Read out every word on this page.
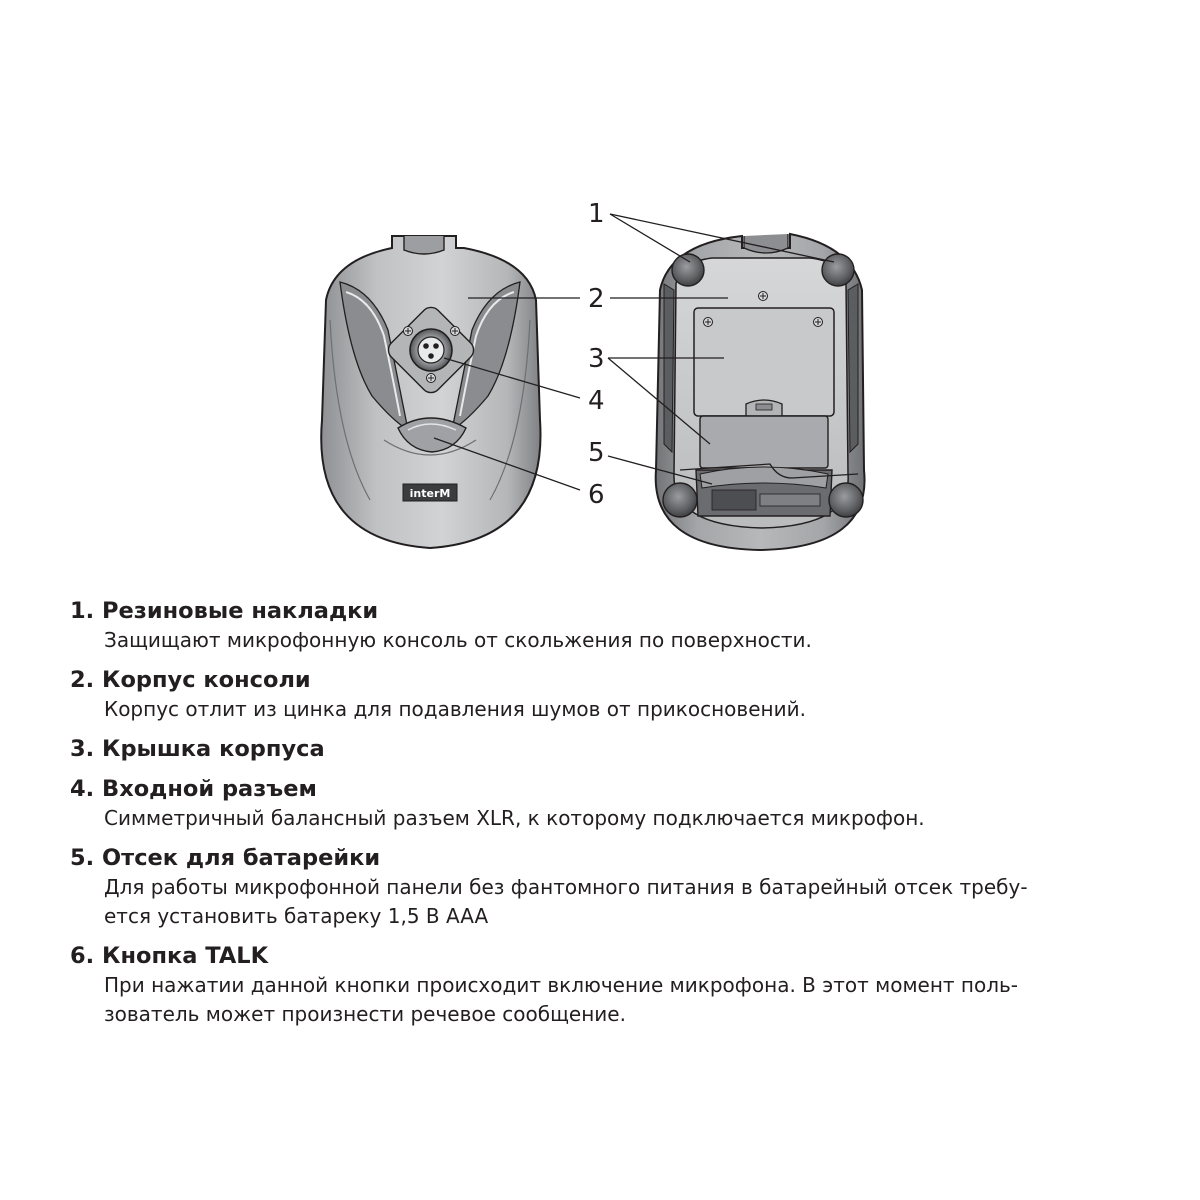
interM
1
2
3
4
5
6
1. Резиновые накладки
Защищают микрофонную консоль от скольжения по поверхности.
2. Корпус консоли
Корпус отлит из цинка для подавления шумов от прикосновений.
3. Крышка корпуса
4. Входной разъем
Симметричный балансный разъем XLR, к которому подключается микрофон.
5. Отсек для батарейки
Для работы микрофонной панели без фантомного питания в батарейный отсек требу-
ется установить батареку 1,5 В AAA
6. Кнопка TALK
При нажатии данной кнопки происходит включение микрофона. В этот момент поль-
зователь может произнести речевое сообщение.
